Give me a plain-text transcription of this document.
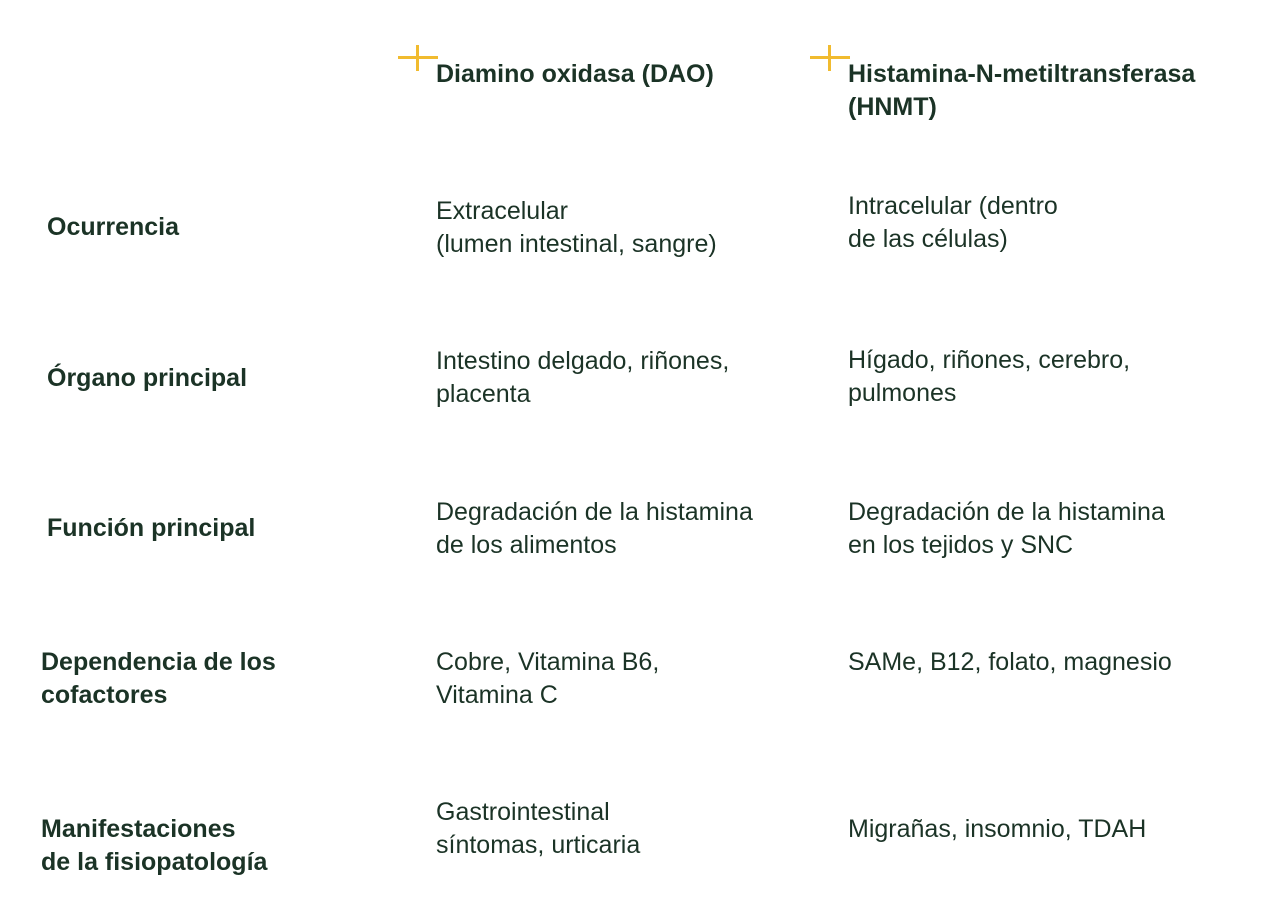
Diamino oxidasa (DAO)	Histamina-N-metiltransferasa
(HNMT)
Ocurrencia
Extracelular
(lumen intestinal, sangre)
Intracelular (dentro
de las células)
Órgano principal
Intestino delgado, riñones,
placenta
Hígado, riñones, cerebro,
pulmones
Función principal
Degradación de la histamina
de los alimentos
Degradación de la histamina
en los tejidos y SNC
Dependencia de los
cofactores
Cobre, Vitamina B6,
Vitamina C
SAMe, B12, folato, magnesio
Manifestaciones
de la fisiopatología
Gastrointestinal
síntomas, urticaria
Migrañas, insomnio, TDAH
